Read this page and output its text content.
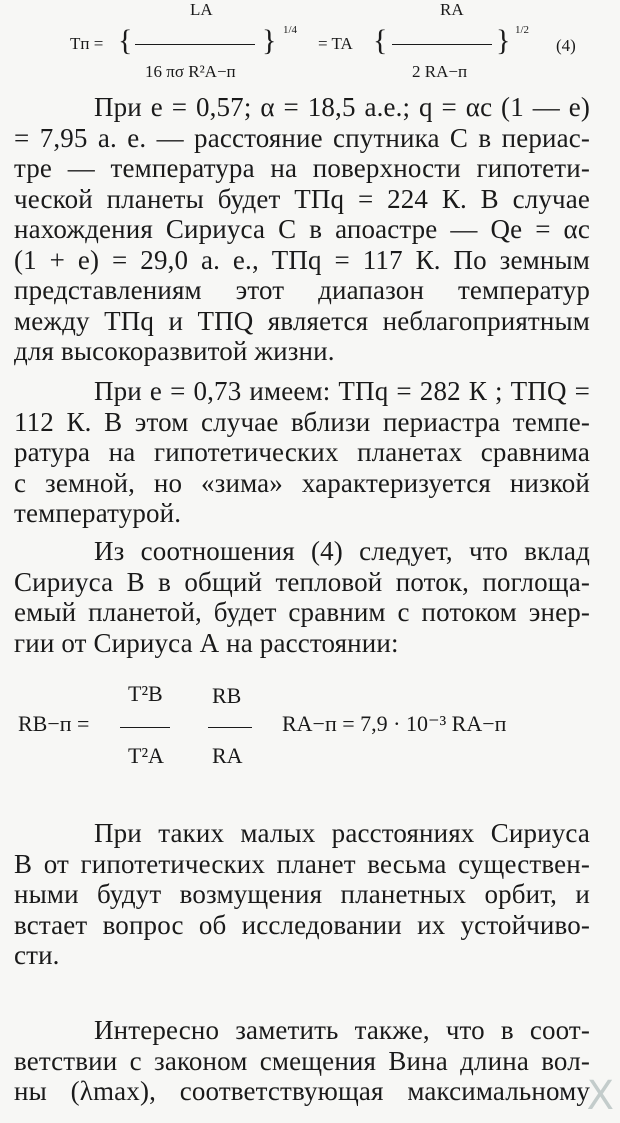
Tп = {
LA
16 πσ R²A−п
} 1/4
= TA {
RA
2 RA−п
} 1/2
(4)
При e = 0,57; α = 18,5 а.е.; q = αс (1 — e)
= 7,95 а. е. — расстояние спутника С в периас-
тре — температура на поверхности гипотети-
ческой планеты будет TПq = 224 К. В случае
нахождения Сириуса С в апоастре — Qе = αс
(1 + e) = 29,0 а. е., TПq = 117 К. По земным
представлениям этот диапазон температур
между TПq и TПQ является неблагоприятным
для высокоразвитой жизни.
При e = 0,73 имеем: TПq = 282 К ; TПQ =
112 К. В этом случае вблизи периастра темпе-
ратура на гипотетических планетах сравнима
с земной, но «зима» характеризуется низкой
температурой.
Из соотношения (4) следует, что вклад
Сириуса В в общий тепловой поток, поглоща-
емый планетой, будет сравним с потоком энер-
гии от Сириуса А на расстоянии:
RB−п =
T²B
T²A
RB
RA
RA−п = 7,9 · 10⁻³ RA−п
При таких малых расстояниях Сириуса
В от гипотетических планет весьма существен-
ными будут возмущения планетных орбит, и
встает вопрос об исследовании их устойчиво-
сти.
Интересно заметить также, что в соот-
ветствии с законом смещения Вина длина вол-
ны (λmax), соответствующая максимальному
X
